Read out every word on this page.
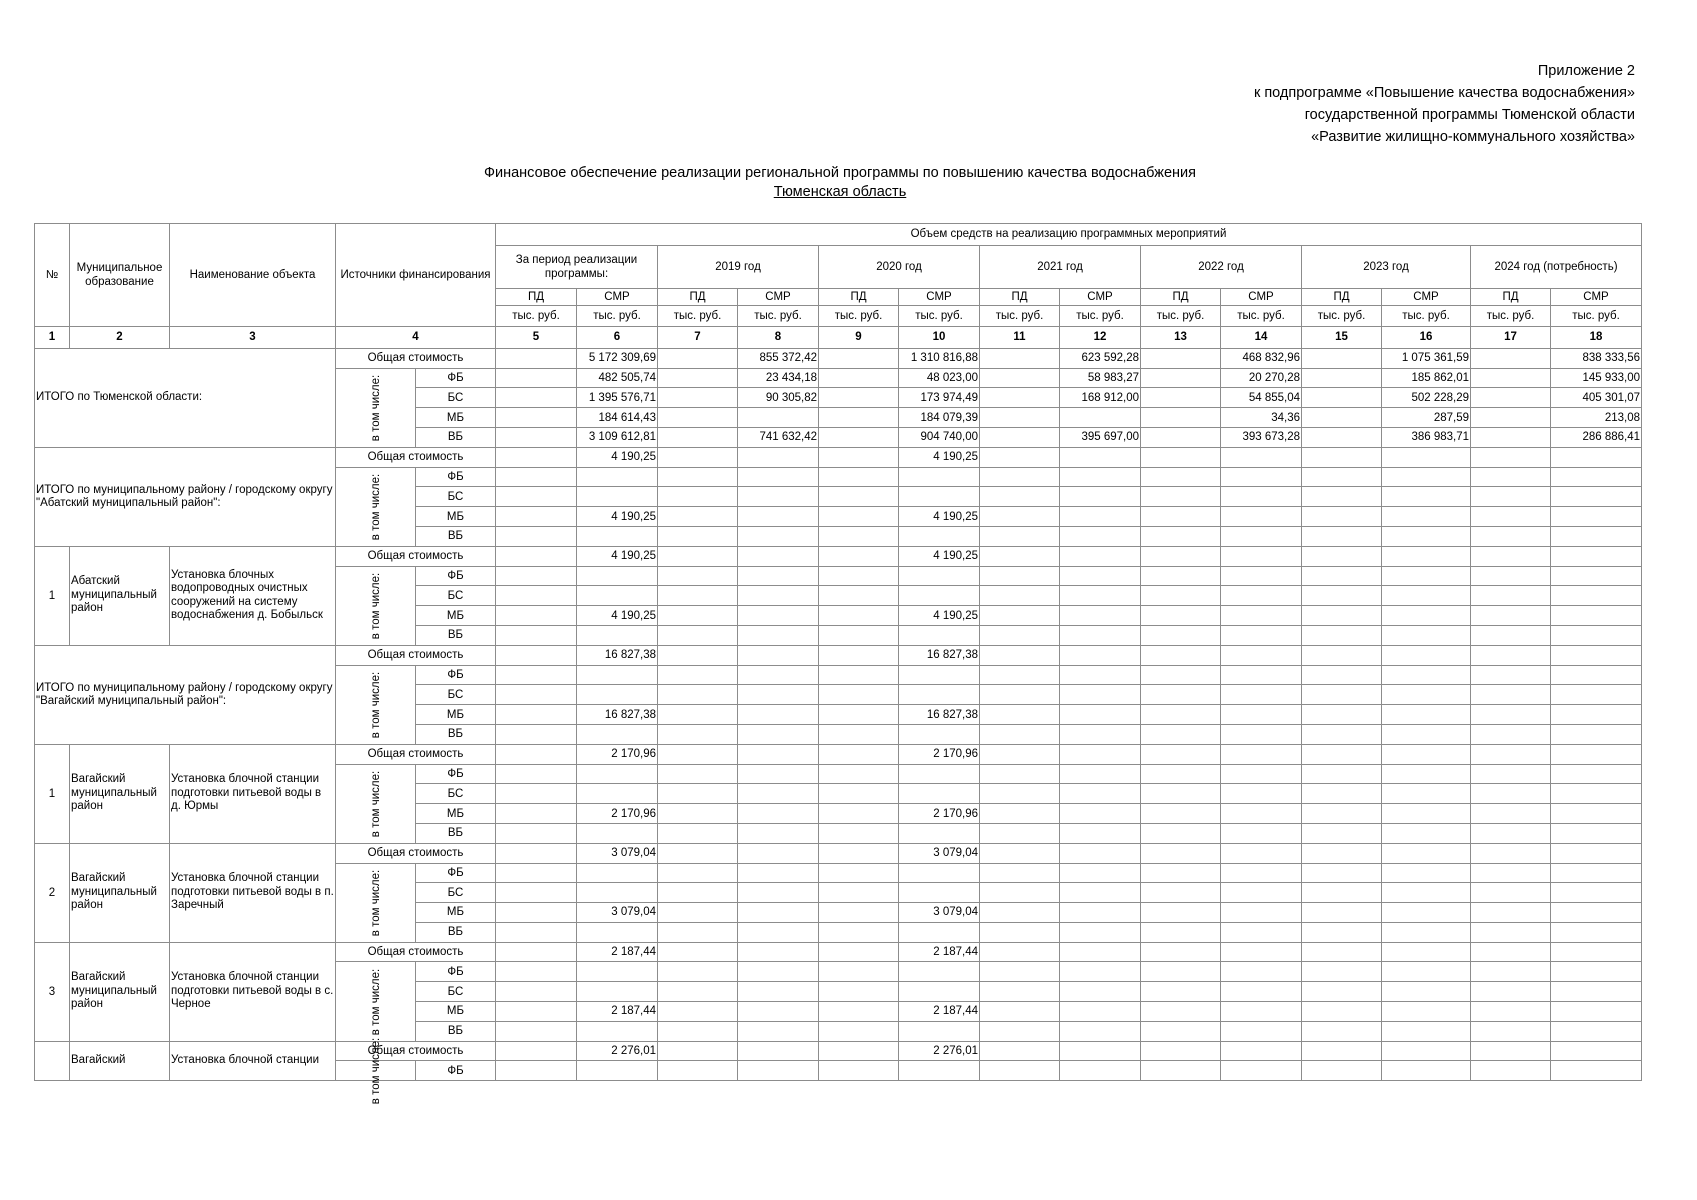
Приложение 2
к подпрограмме «Повышение качества водоснабжения»
государственной программы Тюменской области
«Развитие жилищно-коммунального хозяйства»
Финансовое обеспечение реализации региональной программы по повышению качества водоснабжения
Тюменская область
№	Муниципальное образование	Наименование объекта	Источники финансирования		Объем средств на реализацию программных мероприятий													
					За период реализации программы:		2019 год		2020 год		2021 год		2022 год		2023 год		2024 год (потребность)	
					ПД	СМР	ПД	СМР	ПД	СМР	ПД	СМР	ПД	СМР	ПД	СМР	ПД	СМР
					тыс. руб.	тыс. руб.	тыс. руб.	тыс. руб.	тыс. руб.	тыс. руб.	тыс. руб.	тыс. руб.	тыс. руб.	тыс. руб.	тыс. руб.	тыс. руб.	тыс. руб.	тыс. руб.
1	2	3	4		5	6	7	8	9	10	11	12	13	14	15	16	17	18
ИТОГО по Тюменской области:			Общая стоимость			5 172 309,69		855 372,42		1 310 816,88		623 592,28		468 832,96		1 075 361,59		838 333,56

			в том числе:	ФБ		482 505,74		23 434,18		48 023,00		58 983,27		20 270,28		185 862,01		145 933,00
				БС		1 395 576,71		90 305,82		173 974,49		168 912,00		54 855,04		502 228,29		405 301,07
				МБ		184 614,43				184 079,39				34,36		287,59		213,08
				ВБ		3 109 612,81		741 632,42		904 740,00		395 697,00		393 673,28		386 983,71		286 886,41
ИТОГО по муниципальному району / городскому округу "Абатский муниципальный район":			Общая стоимость			4 190,25				4 190,25								

			в том числе:	ФБ														
				БС														
				МБ		4 190,25				4 190,25								
				ВБ														
1	Абатский муниципальный район	Установка блочных водопроводных очистных сооружений на систему водоснабжения д. Бобыльск	Общая стоимость			4 190,25				4 190,25								

			в том числе:	ФБ														
				БС														
				МБ		4 190,25				4 190,25								
				ВБ														
ИТОГО по муниципальному району / городскому округу "Вагайский муниципальный район":			Общая стоимость			16 827,38				16 827,38								

			в том числе:	ФБ														
				БС														
				МБ		16 827,38				16 827,38								
				ВБ														
1	Вагайский муниципальный район	Установка блочной станции подготовки питьевой воды в д. Юрмы	Общая стоимость			2 170,96				2 170,96								

			в том числе:	ФБ														
				БС														
				МБ		2 170,96				2 170,96								
				ВБ														
2	Вагайский муниципальный район	Установка блочной станции подготовки питьевой воды в п. Заречный	Общая стоимость			3 079,04				3 079,04								

			в том числе:	ФБ														
				БС														
				МБ		3 079,04				3 079,04								
				ВБ														
3	Вагайский муниципальный район	Установка блочной станции подготовки питьевой воды в с. Черное	Общая стоимость			2 187,44				2 187,44								

			в том числе:	ФБ														
				БС														
				МБ		2 187,44				2 187,44								
				ВБ														
	Вагайский	Установка блочной станции	Общая стоимость			2 276,01				2 276,01								

			в том числе:	ФБ														
